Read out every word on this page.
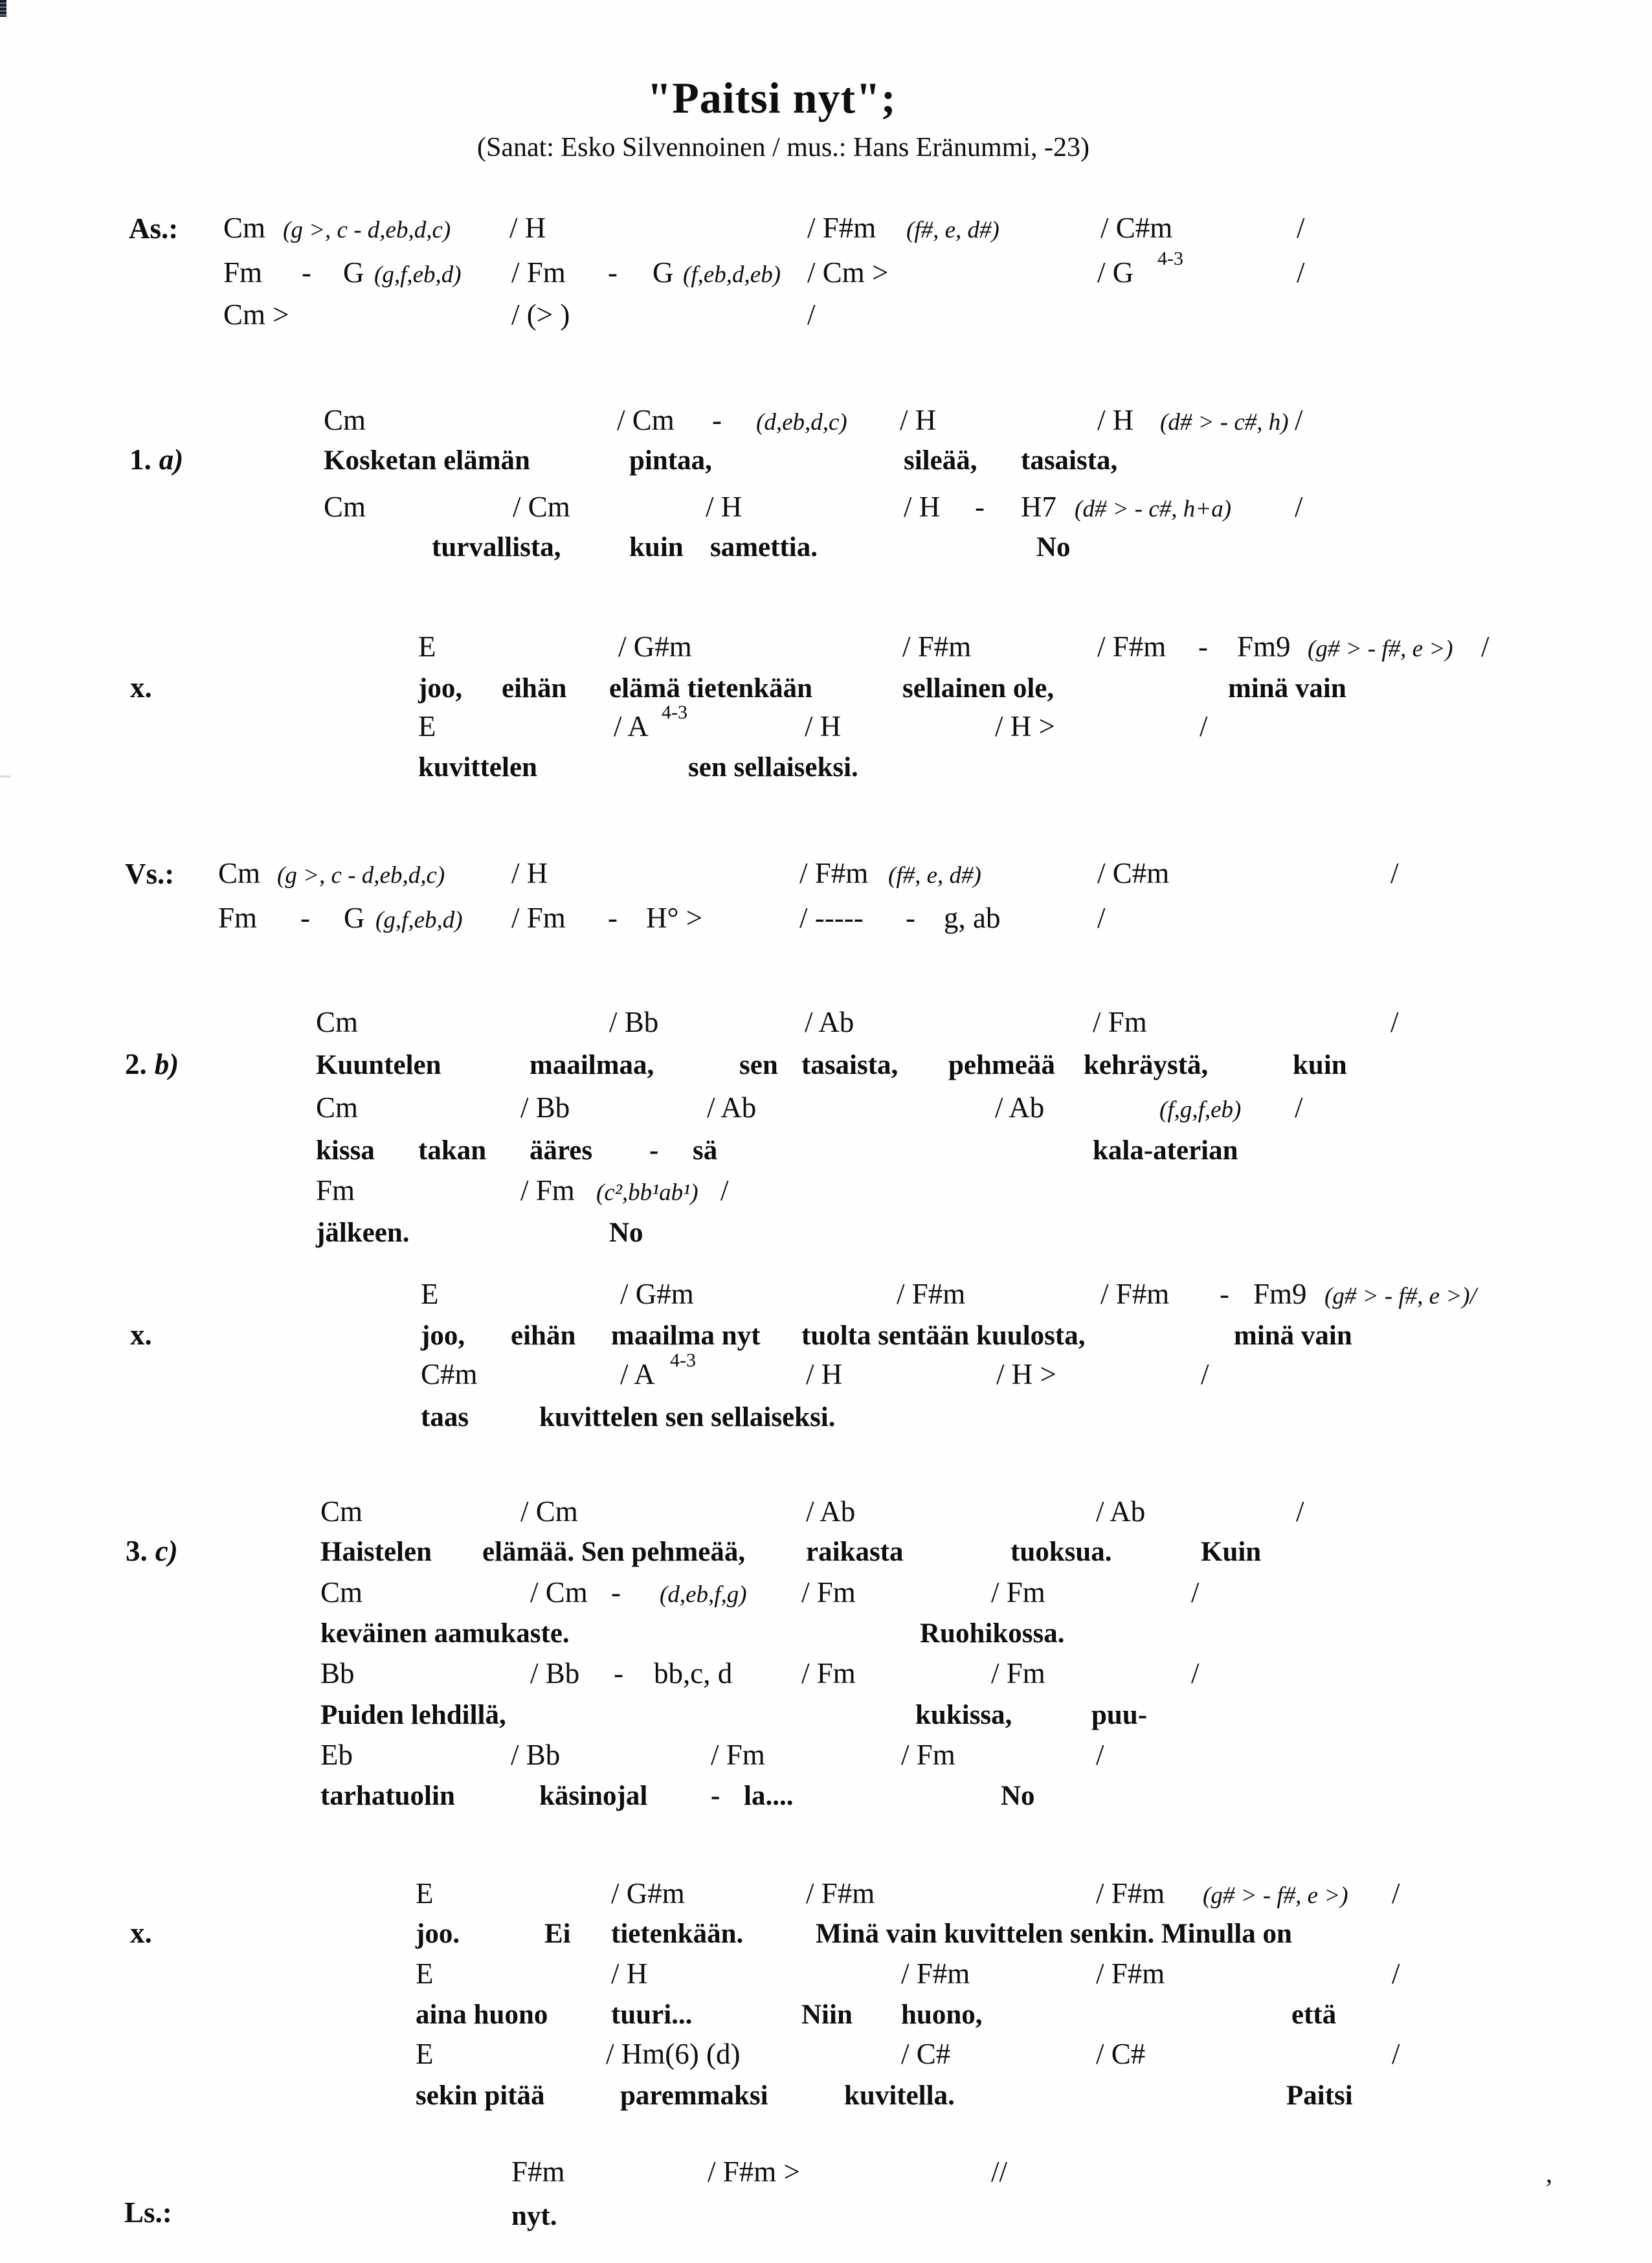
"Paitsi nyt";
(Sanat: Esko Silvennoinen / mus.: Hans Eränummi, -23)
,
As.: Cm (g >, c - d,eb,d,c) / H	/ F#m (f#, e, d#)	/ C#m	/
Fm - G (g,f,eb,d) / Fm - G (f,eb,d,eb) / Cm >	/ G 4-3	/
Cm >	/ (> )	/
1. a)
Cm	/ Cm - (d,eb,d,c) / H	/ H (d# > - c#, h) /
Kosketan elämän	pintaa,	sileää, tasaista,
Cm	/ Cm	/ H	/ H - H7 (d# > - c#, h+a) /
turvallista, kuin samettia.	No
x.
E	/ G#m	/ F#m	/ F#m - Fm9 (g# > - f#, e >) /
joo, eihän elämä tietenkään	sellainen ole,	minä vain
E	/ A 4-3	/ H	/ H >	/
kuvittelen	sen sellaiseksi.
Vs.: Cm (g >, c - d,eb,d,c) / H	/ F#m (f#, e, d#)	/ C#m	/
Fm - G (g,f,eb,d) / Fm - H° >	/ ----- - g, ab	/
2. b)
Cm	/ Bb	/ Ab	/ Fm	/
Kuuntelen	maailmaa,	sen tasaista, pehmeää kehräystä,	kuin
Cm	/ Bb	/ Ab	/ Ab	(f,g,f,eb) /
kissa takan ääres - sä	kala-aterian
Fm	/ Fm (c²,bb¹ab¹) /
jälkeen.	No
x.
E	/ G#m	/ F#m	/ F#m - Fm9 (g# > - f#, e >)/
joo, eihän maailma nyt tuolta sentään kuulosta,	minä vain
C#m	/ A 4-3	/ H	/ H >	/
taas	kuvittelen sen sellaiseksi.
3. c)
Cm	/ Cm	/ Ab	/ Ab	/
Haistelen elämää. Sen pehmeää, raikasta	tuoksua.	Kuin
Cm	/ Cm - (d,eb,f,g) / Fm	/ Fm	/
keväinen aamukaste.	Ruohikossa.
Bb	/ Bb - bb,c, d / Fm	/ Fm	/
Puiden lehdillä,	kukissa,	puu-
Eb	/ Bb	/ Fm	/ Fm	/
tarhatuolin	käsinojal - la....	No
x.
E	/ G#m	/ F#m	/ F#m (g# > - f#, e >) /
joo.	Ei tietenkään.	Minä vain kuvittelen senkin. Minulla on
E	/ H	/ F#m	/ F#m	/
aina huono tuuri...	Niin huono,	että
E	/ Hm(6) (d)	/ C#	/ C#	/
sekin pitää	paremmaksi	kuvitella.	Paitsi
Ls.:
F#m	/ F#m >	//
nyt.
